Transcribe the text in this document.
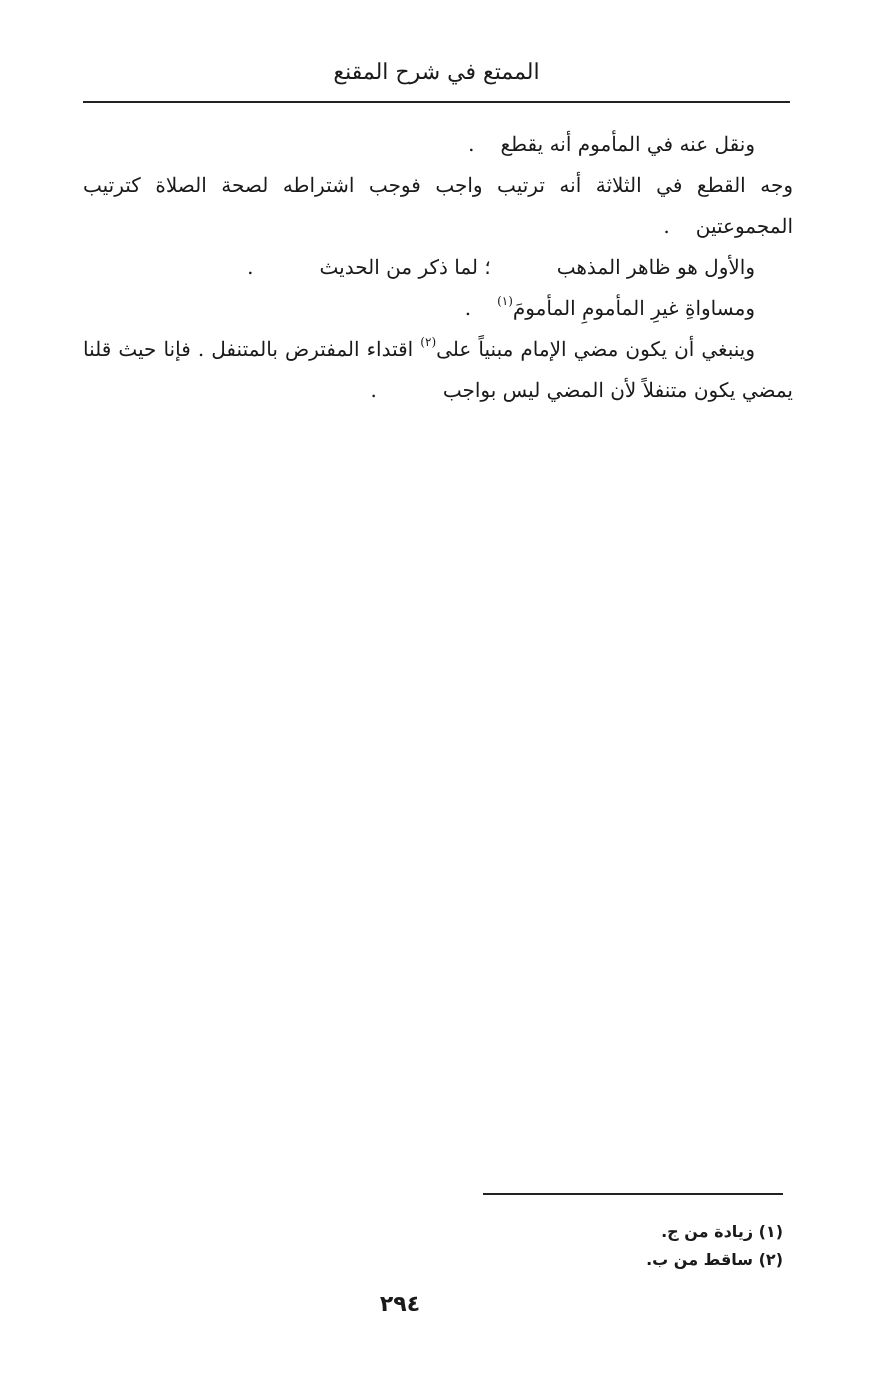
الممتع في شرح المقنع
ونقل عنه في المأموم أنه يقطع.
وجه القطع في الثلاثة أنه ترتيب واجب فوجب اشتراطه لصحة الصلاة كترتيب
المجموعتين.
والأول هو ظاهر المذهب؛ لما ذكر من الحديث.
ومساواةِ غيرِ المأمومِ المأمومَ$^{(١)}$.
وينبغي أن يكون مضي الإمام مبنياً على$^{(٢)}$ اقتداء المفترض بالمتنفل . فإنا حيث قلنا
يمضي يكون متنفلاً لأن المضي ليس بواجب.
(١) زيادة من ج.
(٢) ساقط من ب.
٢٩٤
